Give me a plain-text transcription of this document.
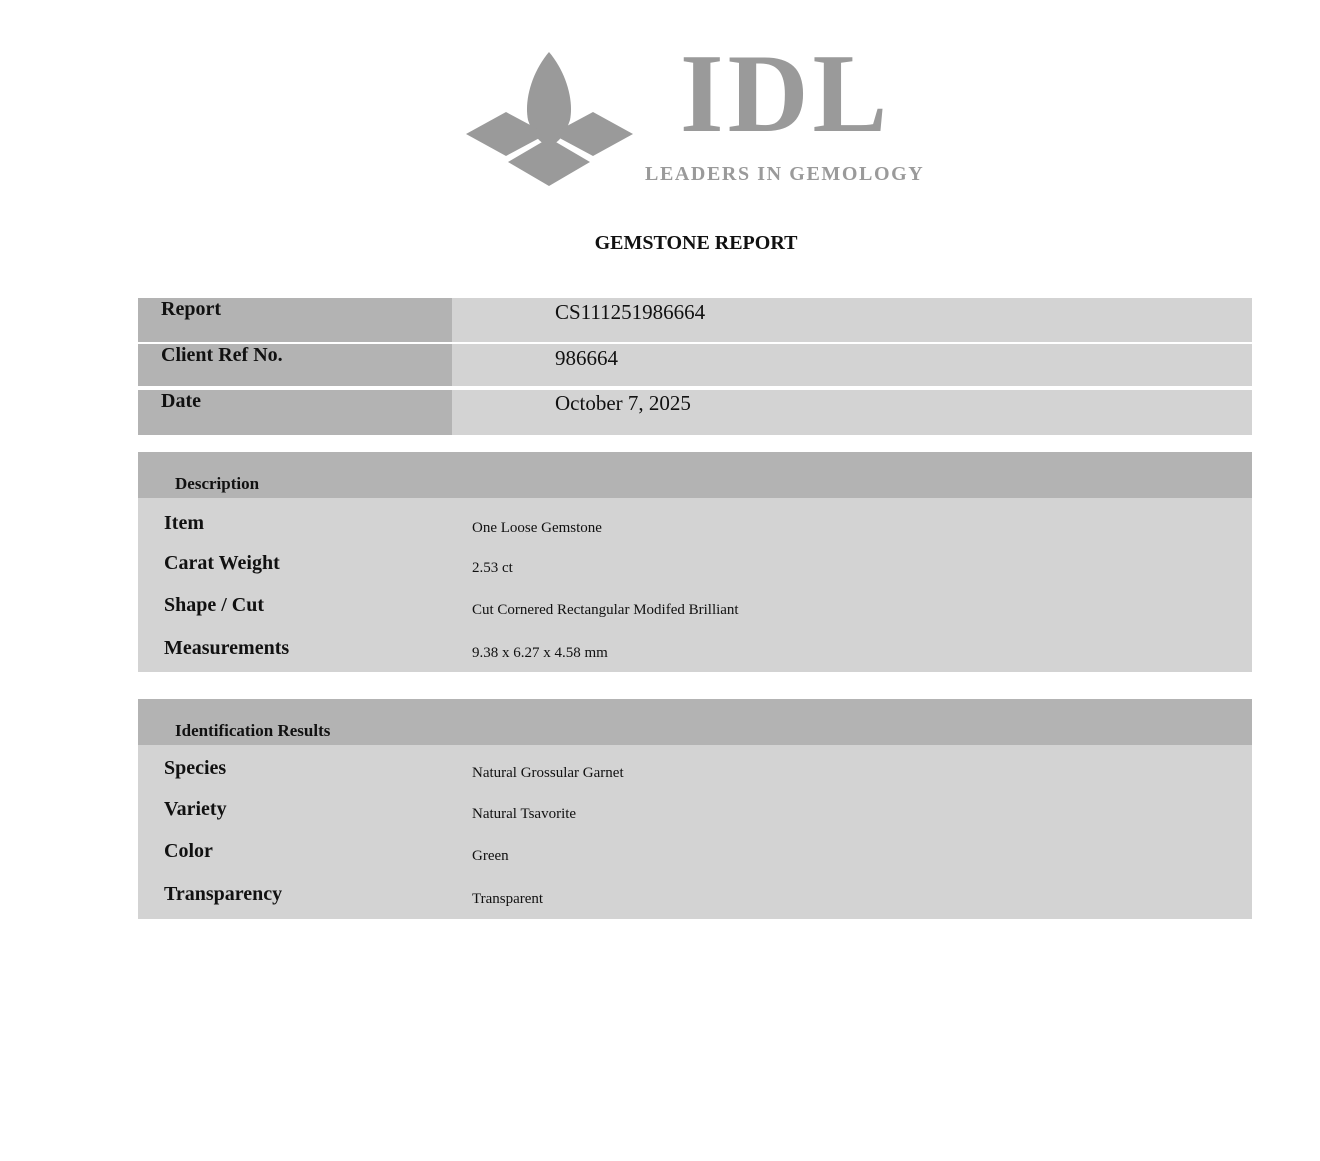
IDL
LEADERS IN GEMOLOGY
GEMSTONE REPORT
Report	CS111251986664
Client Ref No.	986664
Date	October 7, 2025
Description
Item	One Loose Gemstone
Carat Weight	2.53 ct
Shape / Cut	Cut Cornered Rectangular Modifed Brilliant
Measurements	9.38 x 6.27 x 4.58 mm
Identification Results
Species	Natural Grossular Garnet
Variety	Natural Tsavorite
Color	Green
Transparency	Transparent
